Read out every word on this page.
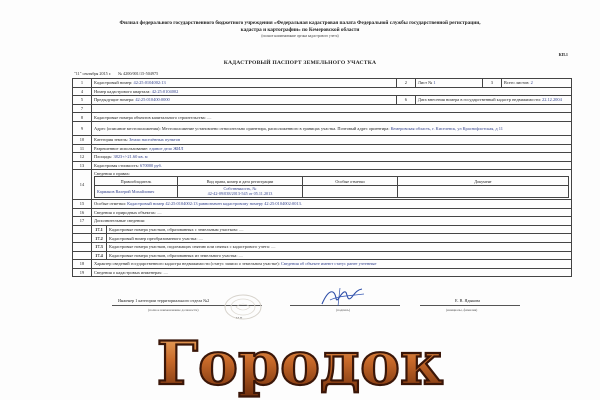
Филиал федерального государственного бюджетного учреждения «Федеральная кадастровая палата Федеральной службы государственной регистрации,
кадастра и картографии» по Кемеровской области
(полное наименование органа кадастрового учета)
КП.1
КАДАСТРОВЫЙ ПАСПОРТ ЗЕМЕЛЬНОГО УЧАСТКА
"11" сентября 2015 г. № 4200/001/15-504975
1	Кадастровый номер: 42:25:0104002:13	2	Лист № 1	3	Всего листов: 2
4	Номер кадастрового квартала: 42:25:0104002
5	Предыдущие номера: 42:25:010400:0000	6	Дата внесения номера в государственный кадастр недвижимости: 22.12.2004
7	
8	Кадастровые номера объектов капитального строительства: —
9	Адрес (описание местоположения): Местоположение установлено относительно ориентира, расположенного в границах участка. Почтовый адрес ориентира: Кемеровская область, г. Киселевск, ул Краснофлотская, д 11
10	Категория земель: Земли населённых пунктов
11	Разрешенное использование: единое дело ЖИЛ
12	Площадь: 3823+/-21.60 кв. м
13	Кадастровая стоимость: 670000 руб.
14	
Сведения о правах:
Правообладатель	Вид права, номер и дата регистрации	Особые отметки	Документ
Карманов Валерий Михайлович	Собственность, №
42-42-09/038/2013-545 от 05.11.2013

15	Особые отметки: Кадастровый номер 42:25:0104002:13 равнозначен кадастровому номеру 42:25:0104002:0013.
16	Сведения о природных объектах: —
17	Дополнительные сведения:
	17.1	Кадастровые номера участков, образованных с земельным участком: —
	17.2	Кадастровый номер преобразованного участка: —
	17.3	Кадастровые номера участков, подлежащих снятию или снятых с кадастрового учета: —
	17.4	Кадастровые номера участков, образованных из земельного участка: —
18	Характер сведений государственного кадастра недвижимости (статус записи о земельном участке): Сведения об объекте имеют статус ранее учтенные
19	Сведения о кадастровых инженерах: —
Инженер 1 категории территориального отдела №2
(полное наименование должности)	(подпись)
Е. В. Ядыкова
(инициалы, фамилия)
М.П.
Городок
